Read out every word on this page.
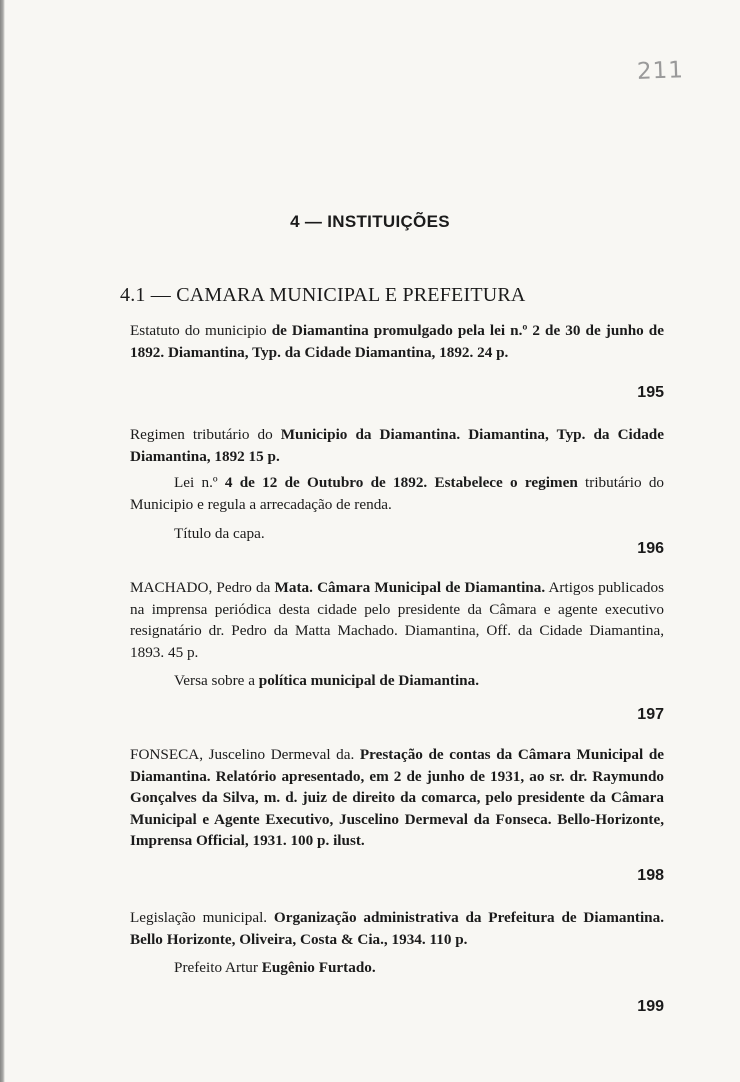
211
4 — INSTITUIÇÕES
4.1 — CAMARA MUNICIPAL E PREFEITURA

Estatuto do municipio de Diamantina promulgado pela lei n.º 2 de 30 de junho de 1892. Diamantina, Typ. da Cidade Diamantina, 1892. 24 p.

195

Regimen tributário do Municipio da Diamantina. Diamantina, Typ. da Cidade Diamantina, 1892 15 p.

Lei n.º 4 de 12 de Outubro de 1892. Estabelece o regimen tributário do Municipio e regula a arrecadação de renda.

Título da capa.

196

MACHADO, Pedro da Mata. Câmara Municipal de Diamantina. Artigos publicados na imprensa periódica desta cidade pelo presidente da Câmara e agente executivo resignatário dr. Pedro da Matta Machado. Diamantina, Off. da Cidade Diamantina, 1893. 45 p.

Versa sobre a política municipal de Diamantina.

197

FONSECA, Juscelino Dermeval da. Prestação de contas da Câmara Municipal de Diamantina. Relatório apresentado, em 2 de junho de 1931, ao sr. dr. Raymundo Gonçalves da Silva, m. d. juiz de direito da comarca, pelo presidente da Câmara Municipal e Agente Executivo, Juscelino Dermeval da Fonseca. Bello-Horizonte, Imprensa Official, 1931. 100 p. ilust.

198

Legislação municipal. Organização administrativa da Prefeitura de Diamantina. Bello Horizonte, Oliveira, Costa & Cia., 1934. 110 p.

Prefeito Artur Eugênio Furtado.

199
